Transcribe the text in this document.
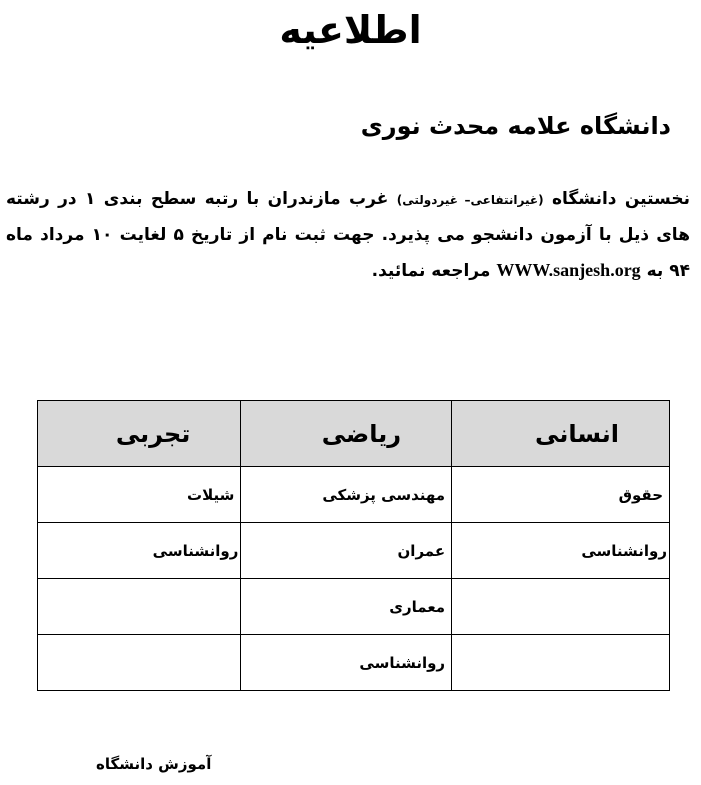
اطلاعیه
دانشگاه علامه محدث نوری
نخستین دانشگاه (غیرانتفاعی– غیردولتی) غرب مازندران با رتبه سطح بندی ۱ در رشته های ذیل با آزمون دانشجو می پذیرد. جهت ثبت نام از تاریخ ۵ لغایت ۱۰ مرداد ماه ۹۴ به WWW.sanjesh.org مراجعه نمائید.
انسانی	ریاضی	تجربی
حقوق	مهندسی پزشکی	شیلات
روانشناسی	عمران	روانشناسی
	معماری	
	روانشناسی	
آموزش دانشگاه
